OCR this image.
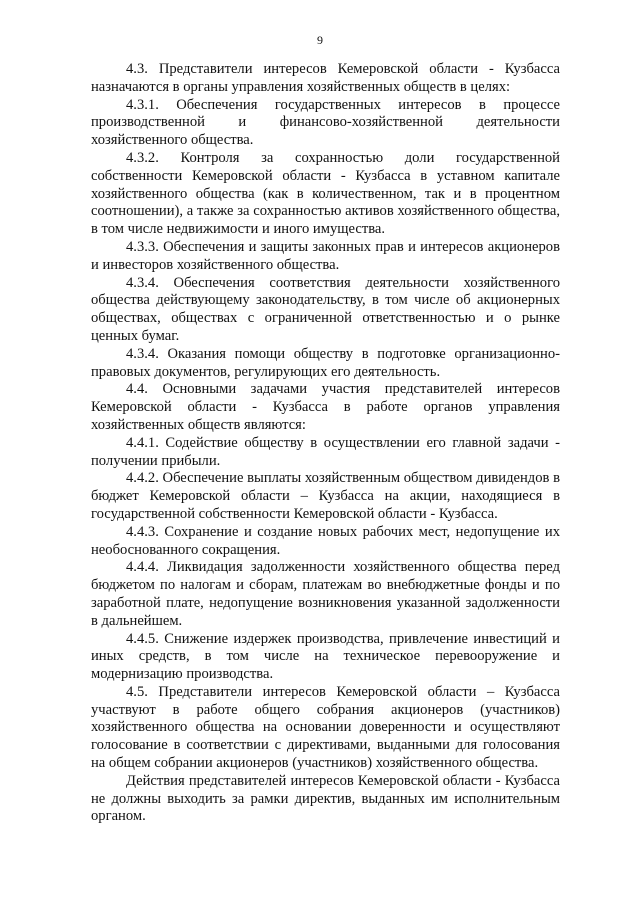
9

4.3. Представители интересов Кемеровской области - Кузбасса назначаются в органы управления хозяйственных обществ в целях:

4.3.1. Обеспечения государственных интересов в процессе производственной и финансово-хозяйственной деятельности хозяйственного общества.

4.3.2. Контроля за сохранностью доли государственной собственности Кемеровской области - Кузбасса в уставном капитале хозяйственного общества (как в количественном, так и в процентном соотношении), а также за сохранностью активов хозяйственного общества, в том числе недвижимости и иного имущества.

4.3.3. Обеспечения и защиты законных прав и интересов акционеров и инвесторов хозяйственного общества.

4.3.4. Обеспечения соответствия деятельности хозяйственного общества действующему законодательству, в том числе об акционерных обществах, обществах с ограниченной ответственностью и о рынке ценных бумаг.

4.3.4. Оказания помощи обществу в подготовке организационно-правовых документов, регулирующих его деятельность.

4.4. Основными задачами участия представителей интересов Кемеровской области - Кузбасса в работе органов управления хозяйственных обществ являются:

4.4.1. Содействие обществу в осуществлении его главной задачи - получении прибыли.

4.4.2. Обеспечение выплаты хозяйственным обществом дивидендов в бюджет Кемеровской области – Кузбасса на акции, находящиеся в государственной собственности Кемеровской области - Кузбасса.

4.4.3. Сохранение и создание новых рабочих мест, недопущение их необоснованного сокращения.

4.4.4. Ликвидация задолженности хозяйственного общества перед бюджетом по налогам и сборам, платежам во внебюджетные фонды и по заработной плате, недопущение возникновения указанной задолженности в дальнейшем.

4.4.5. Снижение издержек производства, привлечение инвестиций и иных средств, в том числе на техническое перевооружение и модернизацию производства.

4.5. Представители интересов Кемеровской области – Кузбасса участвуют в работе общего собрания акционеров (участников) хозяйственного общества на основании доверенности и осуществляют голосование в соответствии с директивами, выданными для голосования на общем собрании акционеров (участников) хозяйственного общества.

Действия представителей интересов Кемеровской области - Кузбасса не должны выходить за рамки директив, выданных им исполнительным органом.
